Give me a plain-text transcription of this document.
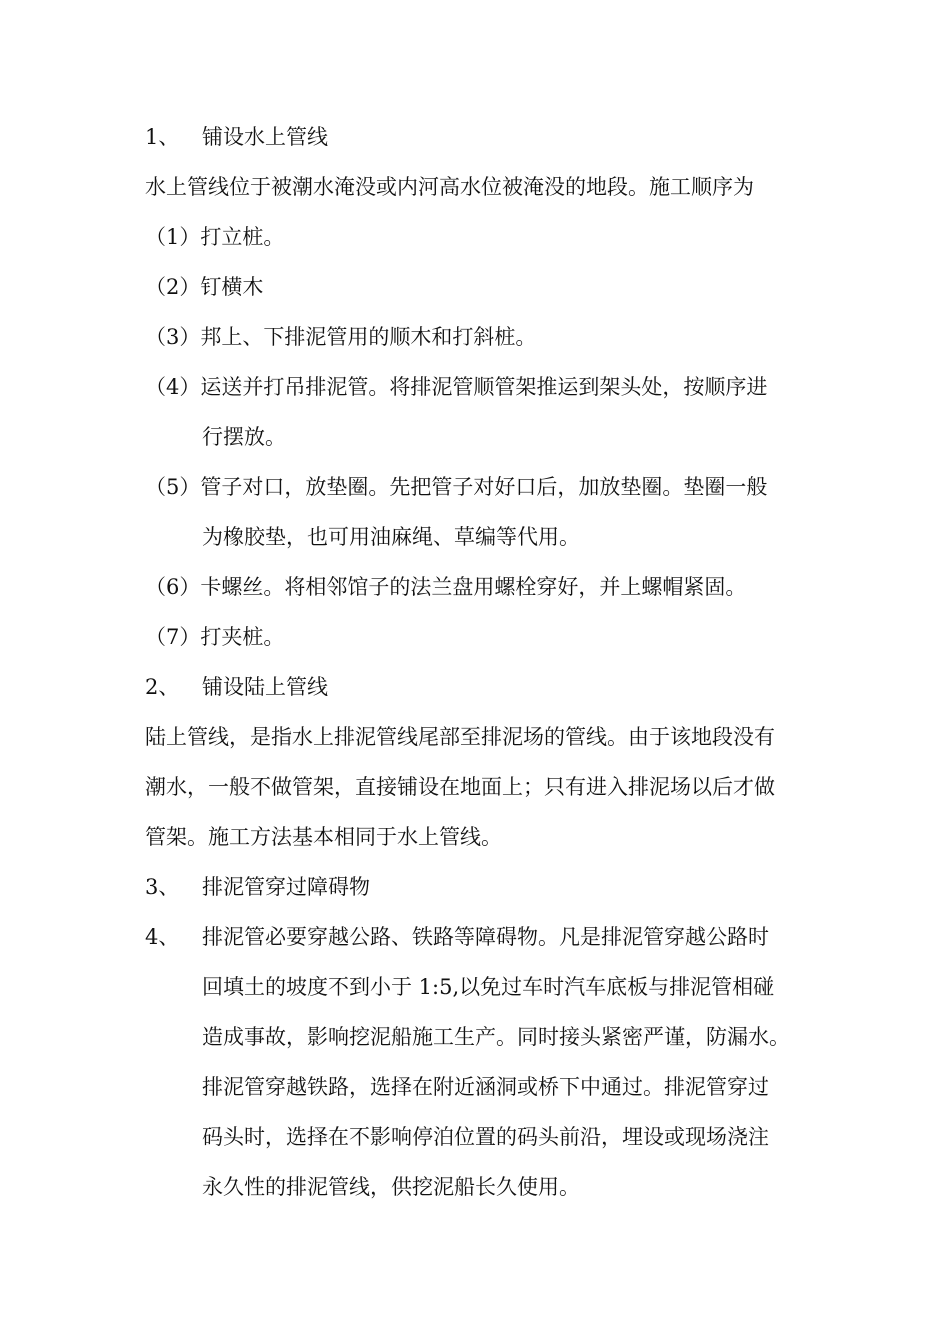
1、 铺设水上管线
水上管线位于被潮水淹没或内河高水位被淹没的地段。施工顺序为
（1）打立桩。
（2）钉横木
（3）邦上、下排泥管用的顺木和打斜桩。
（4）运送并打吊排泥管。将排泥管顺管架推运到架头处，按顺序进
行摆放。
（5）管子对口，放垫圈。先把管子对好口后，加放垫圈。垫圈一般
为橡胶垫，也可用油麻绳、草编等代用。
（6）卡螺丝。将相邻馆子的法兰盘用螺栓穿好，并上螺帽紧固。
（7）打夹桩。
2、 铺设陆上管线
陆上管线，是指水上排泥管线尾部至排泥场的管线。由于该地段没有
潮水，一般不做管架，直接铺设在地面上；只有进入排泥场以后才做
管架。施工方法基本相同于水上管线。
3、 排泥管穿过障碍物
4、 排泥管必要穿越公路、铁路等障碍物。凡是排泥管穿越公路时
回填土的坡度不到小于 1:5,以免过车时汽车底板与排泥管相碰
造成事故，影响挖泥船施工生产。同时接头紧密严谨，防漏水。
排泥管穿越铁路，选择在附近涵洞或桥下中通过。排泥管穿过
码头时，选择在不影响停泊位置的码头前沿，埋设或现场浇注
永久性的排泥管线，供挖泥船长久使用。
